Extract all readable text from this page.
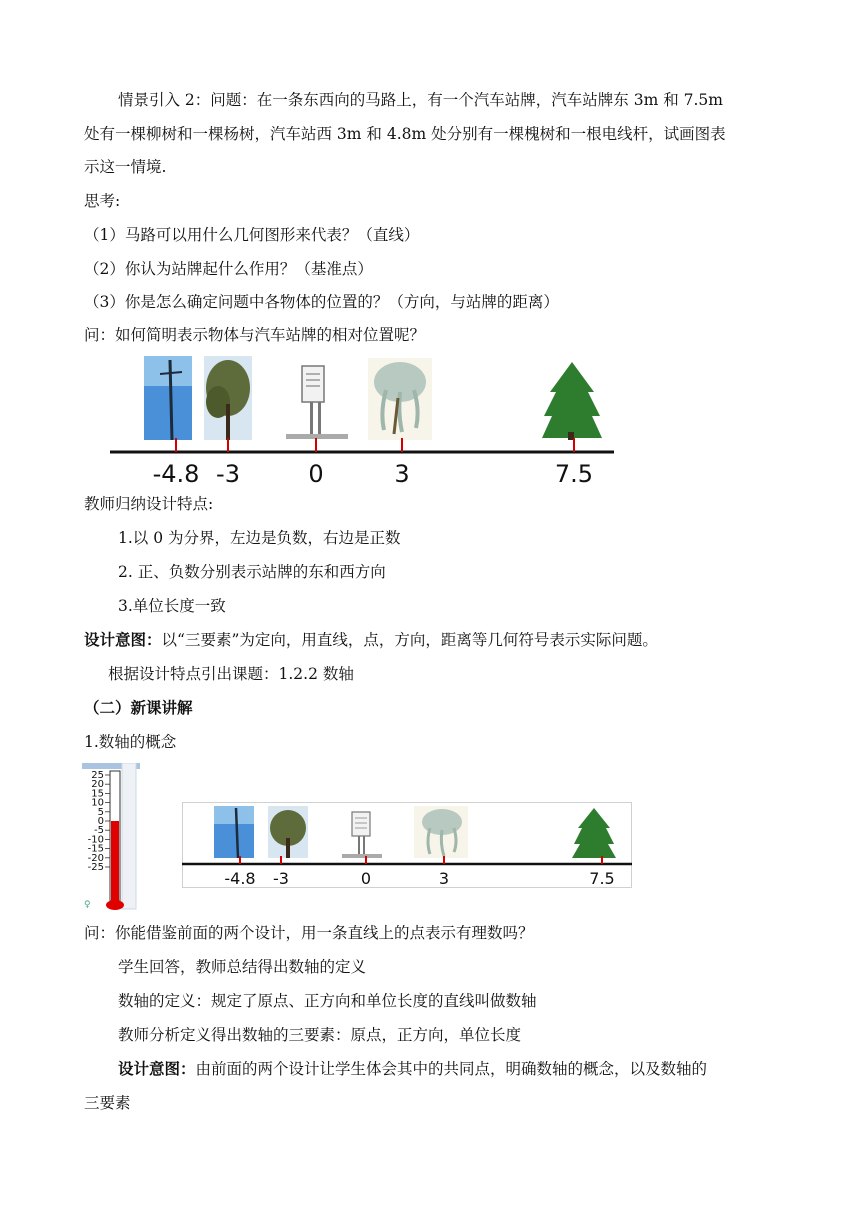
情景引入 2：问题：在一条东西向的马路上，有一个汽车站牌，汽车站牌东 3m 和 7.5m
处有一棵柳树和一棵杨树，汽车站西 3m 和 4.8m 处分别有一棵槐树和一根电线杆，试画图表
示这一情境.
思考:
（1）马路可以用什么几何图形来代表？（直线）
（2）你认为站牌起什么作用？（基准点）
（3）你是怎么确定问题中各物体的位置的？（方向，与站牌的距离）
问：如何简明表示物体与汽车站牌的相对位置呢？
-4.8 -3	0	3	7.5
教师归纳设计特点:
1.以 0 为分界，左边是负数，右边是正数
2. 正、负数分别表示站牌的东和西方向
3.单位长度一致
设计意图：以“三要素”为定向，用直线，点，方向，距离等几何符号表示实际问题。
根据设计特点引出课题：1.2.2 数轴
（二）新课讲解
1.数轴的概念
25
20
15
10
5
0
-5
-10
-15
-20
-25
♀
-4.8 -3	0	3	7.5
问：你能借鉴前面的两个设计，用一条直线上的点表示有理数吗？
学生回答，教师总结得出数轴的定义
数轴的定义：规定了原点、正方向和单位长度的直线叫做数轴
教师分析定义得出数轴的三要素：原点，正方向，单位长度
设计意图：由前面的两个设计让学生体会其中的共同点，明确数轴的概念，以及数轴的
三要素
